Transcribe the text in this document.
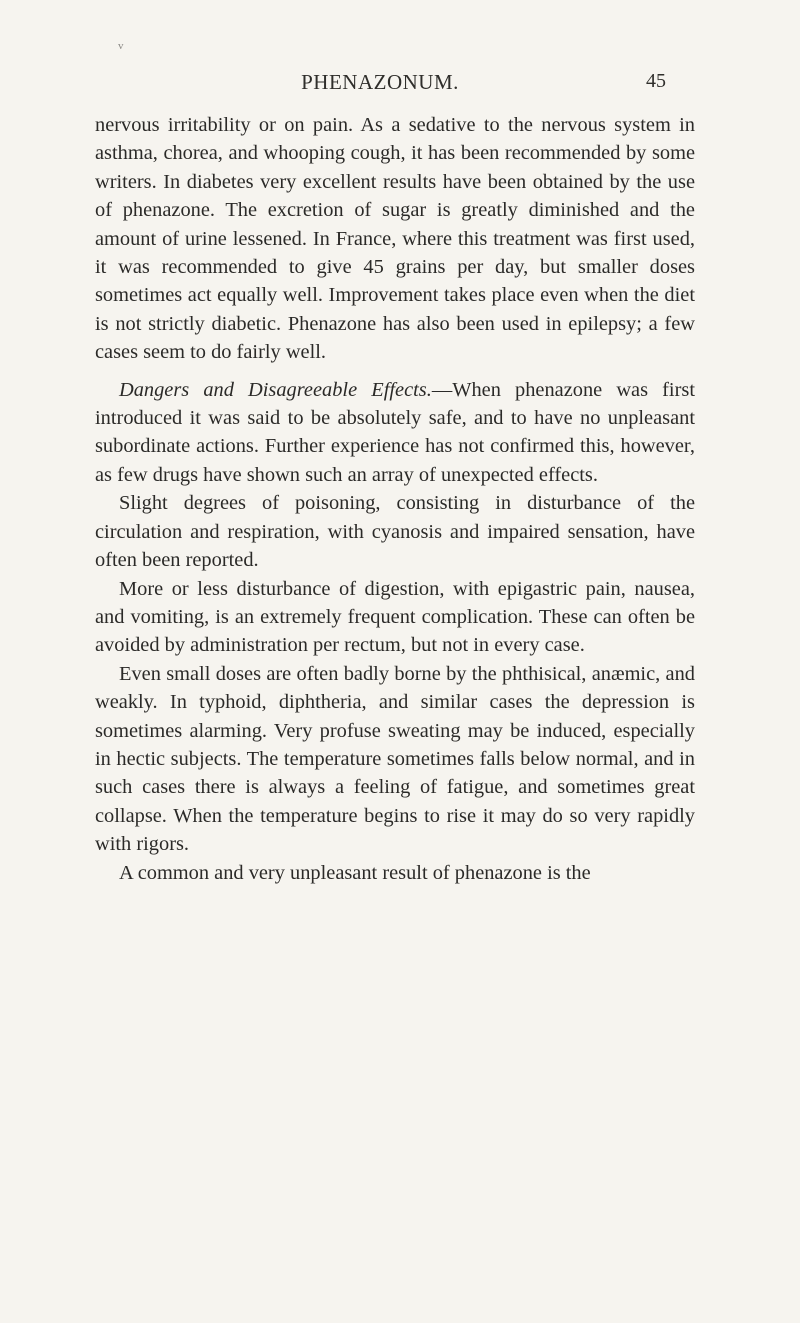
v
PHENAZONUM.	45

nervous irritability or on pain. As a sedative to the nervous system in asthma, chorea, and whooping cough, it has been recommended by some writers. In diabetes very excellent results have been obtained by the use of phenazone. The excretion of sugar is greatly diminished and the amount of urine lessened. In France, where this treatment was first used, it was recommended to give 45 grains per day, but smaller doses sometimes act equally well. Improvement takes place even when the diet is not strictly diabetic. Phenazone has also been used in epilepsy; a few cases seem to do fairly well.

Dangers and Disagreeable Effects.—When phenazone was first introduced it was said to be absolutely safe, and to have no unpleasant subordinate actions. Further experience has not confirmed this, however, as few drugs have shown such an array of unexpected effects.

Slight degrees of poisoning, consisting in disturbance of the circulation and respiration, with cyanosis and impaired sensation, have often been reported.

More or less disturbance of digestion, with epigastric pain, nausea, and vomiting, is an extremely frequent complication. These can often be avoided by administration per rectum, but not in every case.

Even small doses are often badly borne by the phthisical, anæmic, and weakly. In typhoid, diphtheria, and similar cases the depression is sometimes alarming. Very profuse sweating may be induced, especially in hectic subjects. The temperature sometimes falls below normal, and in such cases there is always a feeling of fatigue, and sometimes great collapse. When the temperature begins to rise it may do so very rapidly with rigors.

A common and very unpleasant result of phenazone is the
